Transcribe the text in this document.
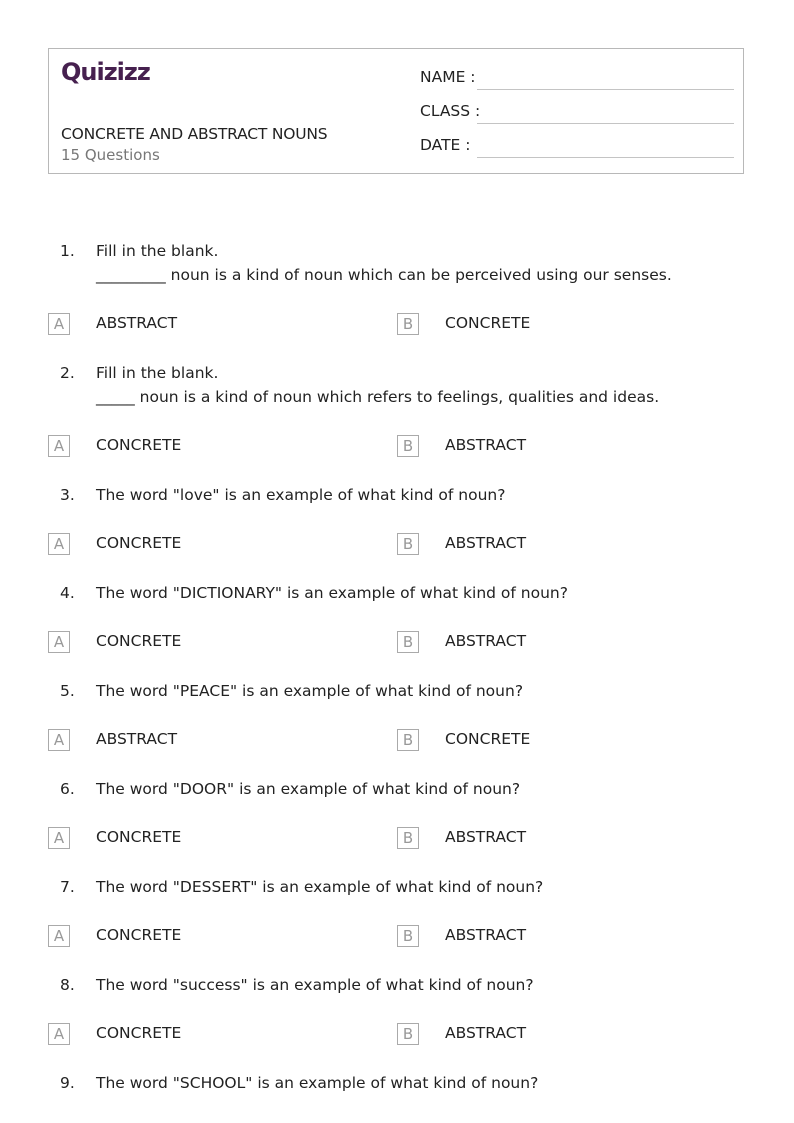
Quizizz
CONCRETE AND ABSTRACT NOUNS
15 Questions
NAME :
CLASS :
DATE :
1. Fill in the blank.
_________ noun is a kind of noun which can be perceived using our senses.
A	ABSTRACT	B	CONCRETE
2. Fill in the blank.
_____ noun is a kind of noun which refers to feelings, qualities and ideas.
A	CONCRETE	B	ABSTRACT
3. The word "love" is an example of what kind of noun?
A	CONCRETE	B	ABSTRACT
4. The word "DICTIONARY" is an example of what kind of noun?
A	CONCRETE	B	ABSTRACT
5. The word "PEACE" is an example of what kind of noun?
A	ABSTRACT	B	CONCRETE
6. The word "DOOR" is an example of what kind of noun?
A	CONCRETE	B	ABSTRACT
7. The word "DESSERT" is an example of what kind of noun?
A	CONCRETE	B	ABSTRACT
8. The word "success" is an example of what kind of noun?
A	CONCRETE	B	ABSTRACT
9. The word "SCHOOL" is an example of what kind of noun?
